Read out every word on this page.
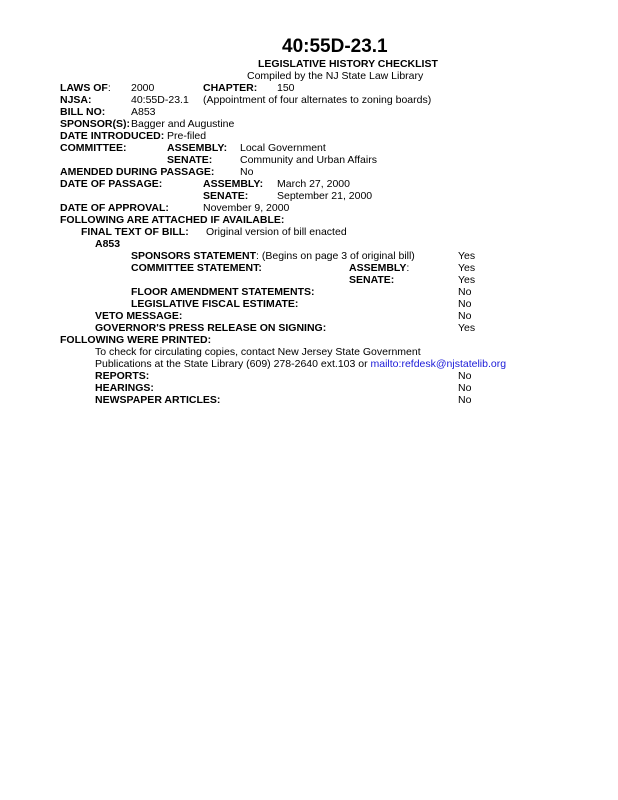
40:55D-23.1
LEGISLATIVE HISTORY CHECKLIST
Compiled by the NJ State Law Library
LAWS OF: 2000	CHAPTER: 150
NJSA:	40:55D-23.1 (Appointment of four alternates to zoning boards)
BILL NO: A853
SPONSOR(S): Bagger and Augustine
DATE INTRODUCED: Pre-filed
COMMITTEE:	ASSEMBLY: Local Government
SENATE:	Community and Urban Affairs
AMENDED DURING PASSAGE: No
DATE OF PASSAGE:	ASSEMBLY: March 27, 2000
SENATE:	September 21, 2000
DATE OF APPROVAL:	November 9, 2000
FOLLOWING ARE ATTACHED IF AVAILABLE:
FINAL TEXT OF BILL: Original version of bill enacted
A853
SPONSORS STATEMENT: (Begins on page 3 of original bill)	Yes
COMMITTEE STATEMENT:	ASSEMBLY:	Yes
SENATE:	Yes
FLOOR AMENDMENT STATEMENTS:	No
LEGISLATIVE FISCAL ESTIMATE:	No
VETO MESSAGE:	No
GOVERNOR'S PRESS RELEASE ON SIGNING:	Yes
FOLLOWING WERE PRINTED:
To check for circulating copies, contact New Jersey State Government
Publications at the State Library (609) 278-2640 ext.103 or mailto:refdesk@njstatelib.org
REPORTS:	No
HEARINGS:	No
NEWSPAPER ARTICLES:	No
